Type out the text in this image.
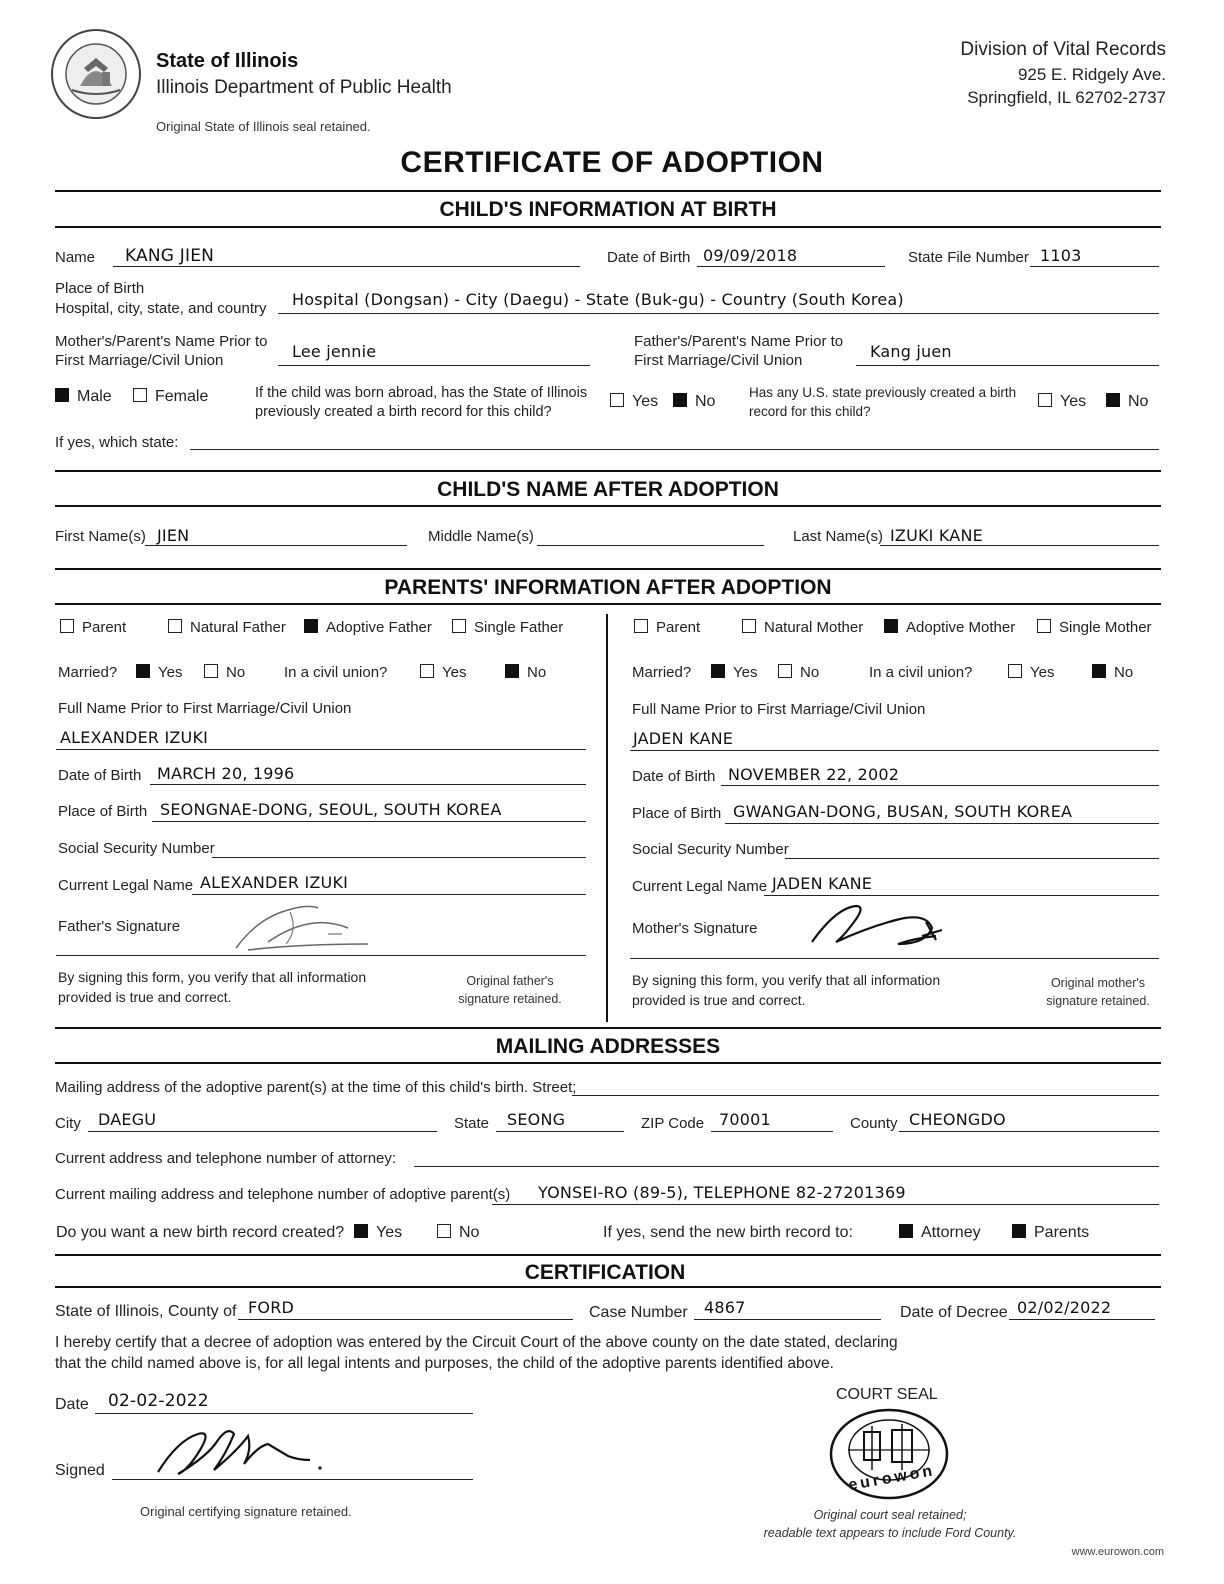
State of Illinois
Illinois Department of Public Health
Original State of Illinois seal retained.
Division of Vital Records
925 E. Ridgely Ave.
Springfield, IL 62702-2737
CERTIFICATE OF ADOPTION
CHILD'S INFORMATION AT BIRTH
Name KANG JIEN	Date of Birth 09/09/2018	State File Number 1103
Place of Birth
Hospital, city, state, and country Hospital (Dongsan) - City (Daegu) - State (Buk-gu) - Country (South Korea)
Mother's/Parent's Name Prior to
First Marriage/Civil Union	Lee jennie
Father's/Parent's Name Prior to
First Marriage/Civil Union	Kang juen
Male	Female	If the child was born abroad, has the State of Illinois
previously created a birth record for this child?
Yes	No
Has any U.S. state previously created a birth
record for this child?
Yes	No
If yes, which state:
CHILD'S NAME AFTER ADOPTION
First Name(s) JIEN	Middle Name(s)	Last Name(s) IZUKI KANE
PARENTS' INFORMATION AFTER ADOPTION
Parent	Natural Father	Adoptive Father	Single Father
Married?	Yes	No	In a civil union?	Yes	No
Full Name Prior to First Marriage/Civil Union
ALEXANDER IZUKI
Date of Birth MARCH 20, 1996
Place of Birth SEONGNAE-DONG, SEOUL, SOUTH KOREA
Social Security Number
Current Legal Name ALEXANDER IZUKI
Father's Signature
By signing this form, you verify that all information
provided is true and correct.
Original father's
signature retained.
Parent	Natural Mother	Adoptive Mother	Single Mother
Married?	Yes	No	In a civil union?	Yes	No
Full Name Prior to First Marriage/Civil Union
JADEN KANE
Date of Birth NOVEMBER 22, 2002
Place of Birth GWANGAN-DONG, BUSAN, SOUTH KOREA
Social Security Number
Current Legal Name JADEN KANE
Mother's Signature
By signing this form, you verify that all information
provided is true and correct.
Original mother's
signature retained.
MAILING ADDRESSES
Mailing address of the adoptive parent(s) at the time of this child's birth. Street;
City DAEGU	State SEONG	ZIP Code 70001	County CHEONGDO
Current address and telephone number of attorney:
Current mailing address and telephone number of adoptive parent(s) YONSEI-RO (89-5), TELEPHONE 82-27201369
Do you want a new birth record created?	Yes	No	If yes, send the new birth record to:	Attorney	Parents
CERTIFICATION
State of Illinois, County of FORD	Case Number 4867	Date of Decree 02/02/2022
I hereby certify that a decree of adoption was entered by the Circuit Court of the above county on the date stated, declaring
that the child named above is, for all legal intents and purposes, the child of the adoptive parents identified above.
Date 02-02-2022
Signed
Original certifying signature retained.
COURT SEAL
eurowon
Original court seal retained;
readable text appears to include Ford County.
www.eurowon.com
